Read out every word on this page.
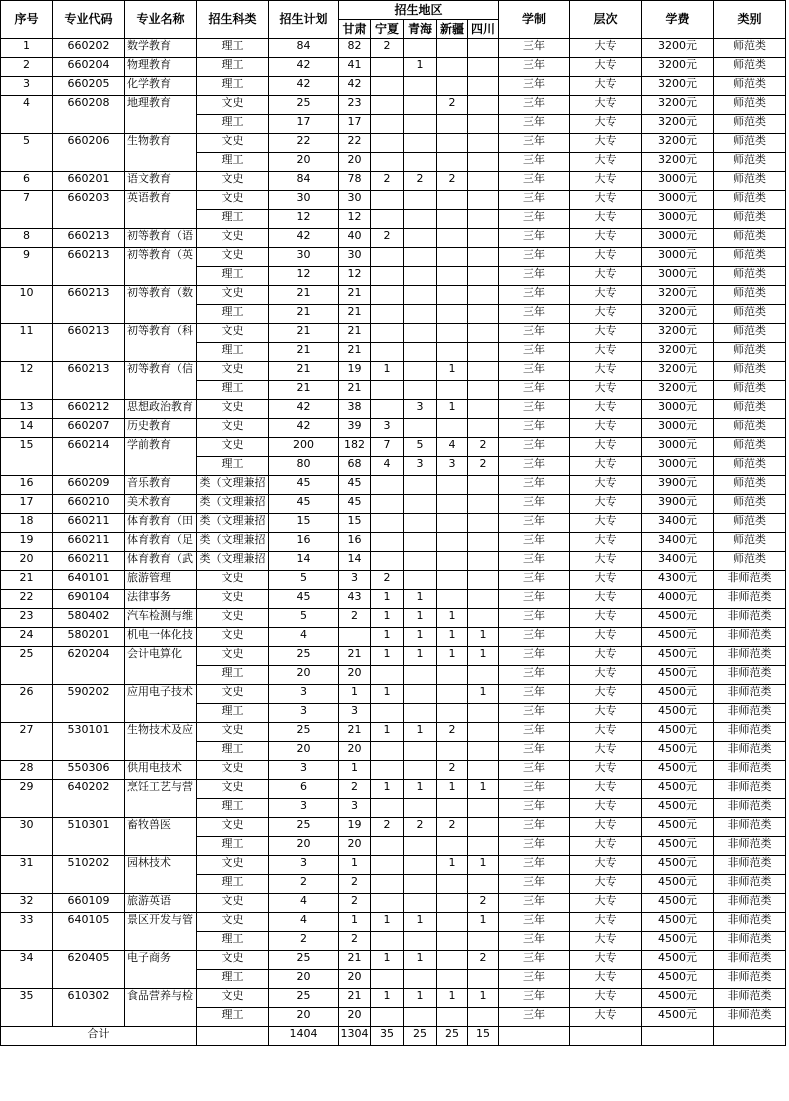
序号	专业代码	专业名称	招生科类	招生计划	招生地区					学制	层次	学费	类别
					甘肃	宁夏	青海	新疆	四川				
1	660202	数学教育	理工	84	82	2				三年	大专	3200元	师范类
2	660204	物理教育	理工	42	41		1			三年	大专	3200元	师范类
3	660205	化学教育	理工	42	42					三年	大专	3200元	师范类
4	660208	地理教育	文史	25	23			2		三年	大专	3200元	师范类
			理工	17	17					三年	大专	3200元	师范类
5	660206	生物教育	文史	22	22					三年	大专	3200元	师范类
			理工	20	20					三年	大专	3200元	师范类
6	660201	语文教育	文史	84	78	2	2	2		三年	大专	3000元	师范类
7	660203	英语教育	文史	30	30					三年	大专	3000元	师范类
			理工	12	12					三年	大专	3000元	师范类
8	660213	初等教育（语	文史	42	40	2				三年	大专	3000元	师范类
9	660213	初等教育（英	文史	30	30					三年	大专	3000元	师范类
			理工	12	12					三年	大专	3000元	师范类
10	660213	初等教育（数	文史	21	21					三年	大专	3200元	师范类
			理工	21	21					三年	大专	3200元	师范类
11	660213	初等教育（科	文史	21	21					三年	大专	3200元	师范类
			理工	21	21					三年	大专	3200元	师范类
12	660213	初等教育（信	文史	21	19	1		1		三年	大专	3200元	师范类
			理工	21	21					三年	大专	3200元	师范类
13	660212	思想政治教育	文史	42	38		3	1		三年	大专	3000元	师范类
14	660207	历史教育	文史	42	39	3				三年	大专	3000元	师范类
15	660214	学前教育	文史	200	182	7	5	4	2	三年	大专	3000元	师范类
			理工	80	68	4	3	3	2	三年	大专	3000元	师范类
16	660209	音乐教育	类（文理兼招	45	45					三年	大专	3900元	师范类
17	660210	美术教育	类（文理兼招	45	45					三年	大专	3900元	师范类
18	660211	体育教育（田	类（文理兼招	15	15					三年	大专	3400元	师范类
19	660211	体育教育（足	类（文理兼招	16	16					三年	大专	3400元	师范类
20	660211	体育教育（武	类（文理兼招	14	14					三年	大专	3400元	师范类
21	640101	旅游管理	文史	5	3	2				三年	大专	4300元	非师范类
22	690104	法律事务	文史	45	43	1	1			三年	大专	4000元	非师范类
23	580402	汽车检测与维	文史	5	2	1	1	1		三年	大专	4500元	非师范类
24	580201	机电一体化技	文史	4		1	1	1	1	三年	大专	4500元	非师范类
25	620204	会计电算化	文史	25	21	1	1	1	1	三年	大专	4500元	非师范类
			理工	20	20					三年	大专	4500元	非师范类
26	590202	应用电子技术	文史	3	1	1			1	三年	大专	4500元	非师范类
			理工	3	3					三年	大专	4500元	非师范类
27	530101	生物技术及应	文史	25	21	1	1	2		三年	大专	4500元	非师范类
			理工	20	20					三年	大专	4500元	非师范类
28	550306	供用电技术	文史	3	1			2		三年	大专	4500元	非师范类
29	640202	烹饪工艺与营	文史	6	2	1	1	1	1	三年	大专	4500元	非师范类
			理工	3	3					三年	大专	4500元	非师范类
30	510301	畜牧兽医	文史	25	19	2	2	2		三年	大专	4500元	非师范类
			理工	20	20					三年	大专	4500元	非师范类
31	510202	园林技术	文史	3	1			1	1	三年	大专	4500元	非师范类
			理工	2	2					三年	大专	4500元	非师范类
32	660109	旅游英语	文史	4	2				2	三年	大专	4500元	非师范类
33	640105	景区开发与管	文史	4	1	1	1		1	三年	大专	4500元	非师范类
			理工	2	2					三年	大专	4500元	非师范类
34	620405	电子商务	文史	25	21	1	1		2	三年	大专	4500元	非师范类
			理工	20	20					三年	大专	4500元	非师范类
35	610302	食品营养与检	文史	25	21	1	1	1	1	三年	大专	4500元	非师范类
			理工	20	20					三年	大专	4500元	非师范类
合计				1404	1304	35	25	25	15				
